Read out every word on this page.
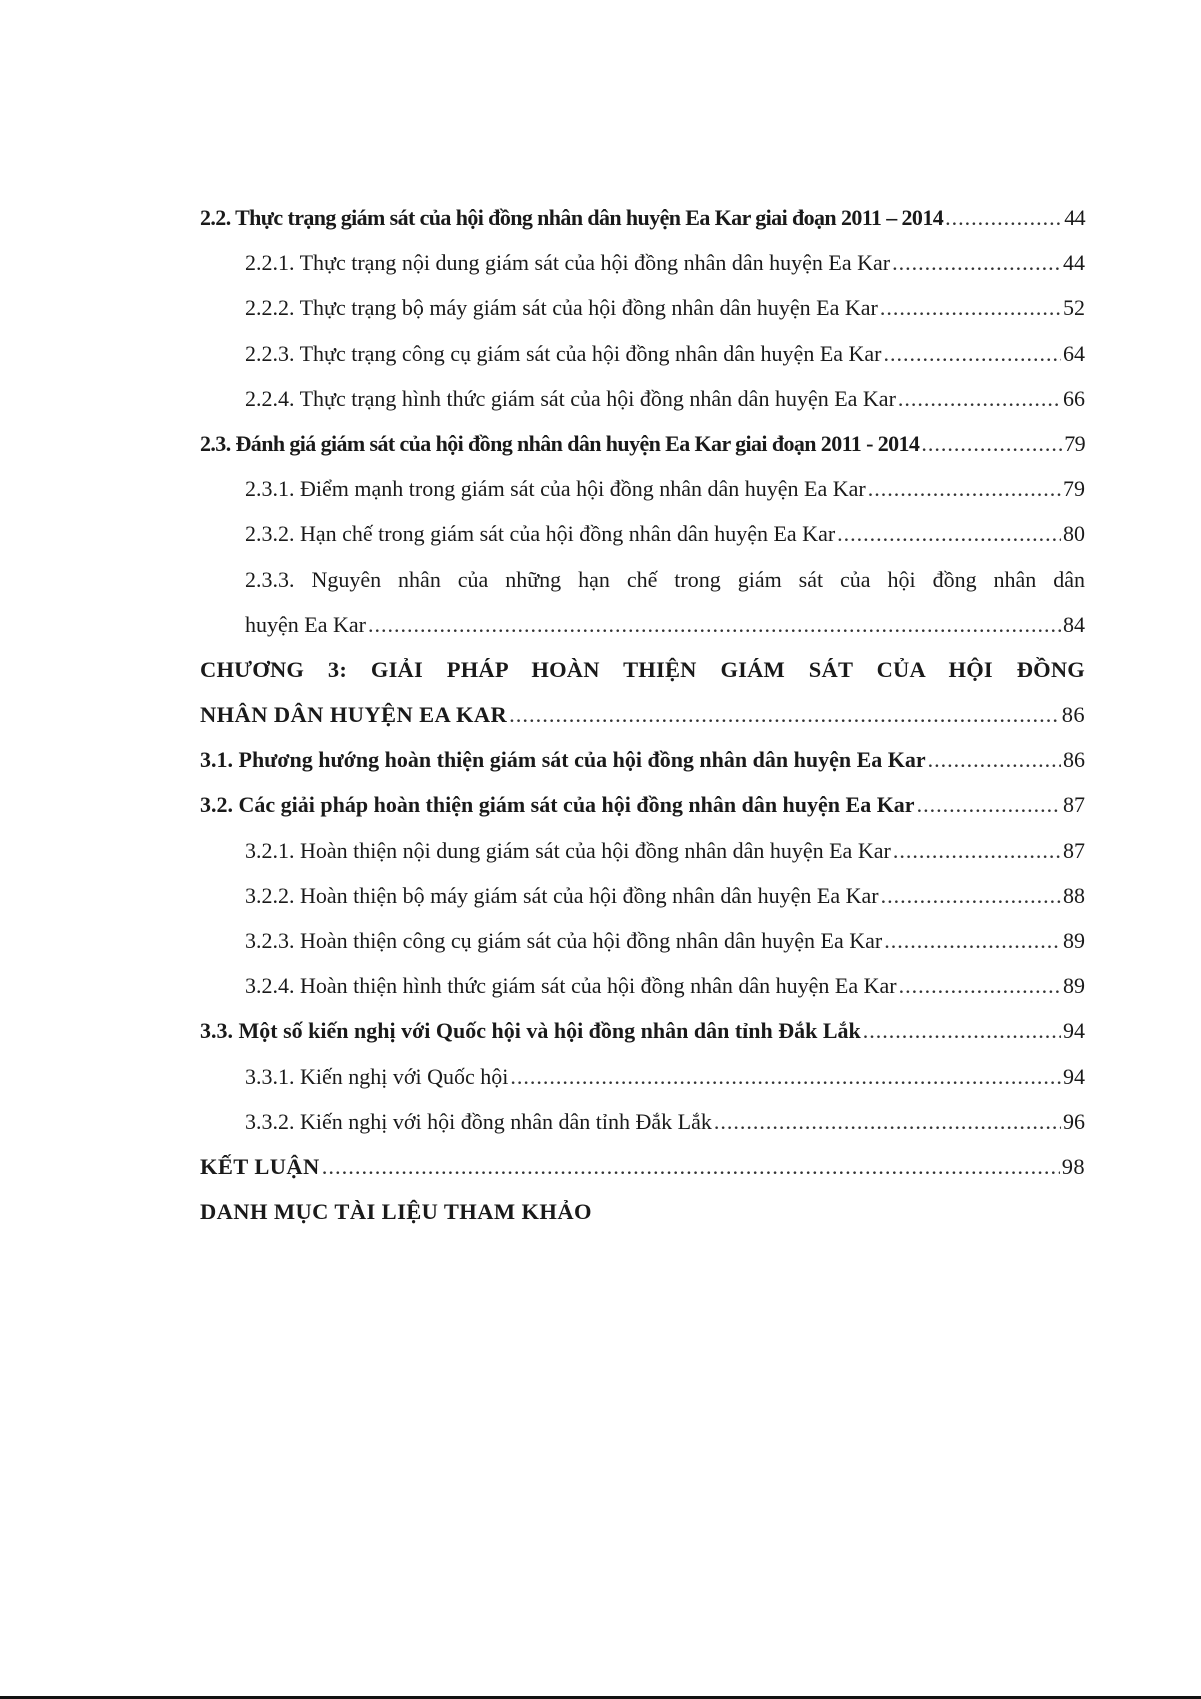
2.2. Thực trạng giám sát của hội đồng nhân dân huyện Ea Kar giai đoạn 2011 – 2014 .....	44
2.2.1. Thực trạng nội dung giám sát của hội đồng nhân dân huyện Ea Kar .....	44
2.2.2. Thực trạng bộ máy giám sát của hội đồng nhân dân huyện Ea Kar .....	52
2.2.3. Thực trạng công cụ giám sát của hội đồng nhân dân huyện Ea Kar .....	64
2.2.4. Thực trạng hình thức giám sát của hội đồng nhân dân huyện Ea Kar .....	66
2.3. Đánh giá giám sát của hội đồng nhân dân huyện Ea Kar giai đoạn 2011 - 2014 .....	79
2.3.1. Điểm mạnh trong giám sát của hội đồng nhân dân huyện Ea Kar .....	79
2.3.2. Hạn chế trong giám sát của hội đồng nhân dân huyện Ea Kar .....	80
2.3.3. Nguyên nhân của những hạn chế trong giám sát của hội đồng nhân dân
huyện Ea Kar .....	84
CHƯƠNG 3: GIẢI PHÁP HOÀN THIỆN GIÁM SÁT CỦA HỘI ĐỒNG
NHÂN DÂN HUYỆN EA KAR .....	86
3.1. Phương hướng hoàn thiện giám sát của hội đồng nhân dân huyện Ea Kar .....	86
3.2. Các giải pháp hoàn thiện giám sát của hội đồng nhân dân huyện Ea Kar .....	87
3.2.1. Hoàn thiện nội dung giám sát của hội đồng nhân dân huyện Ea Kar .....	87
3.2.2. Hoàn thiện bộ máy giám sát của hội đồng nhân dân huyện Ea Kar .....	88
3.2.3. Hoàn thiện công cụ giám sát của hội đồng nhân dân huyện Ea Kar .....	89
3.2.4. Hoàn thiện hình thức giám sát của hội đồng nhân dân huyện Ea Kar .....	89
3.3. Một số kiến nghị với Quốc hội và hội đồng nhân dân tỉnh Đắk Lắk .....	94
3.3.1. Kiến nghị với Quốc hội .....	94
3.3.2. Kiến nghị với hội đồng nhân dân tỉnh Đắk Lắk .....	96
KẾT LUẬN .....	98
DANH MỤC TÀI LIỆU THAM KHẢO
